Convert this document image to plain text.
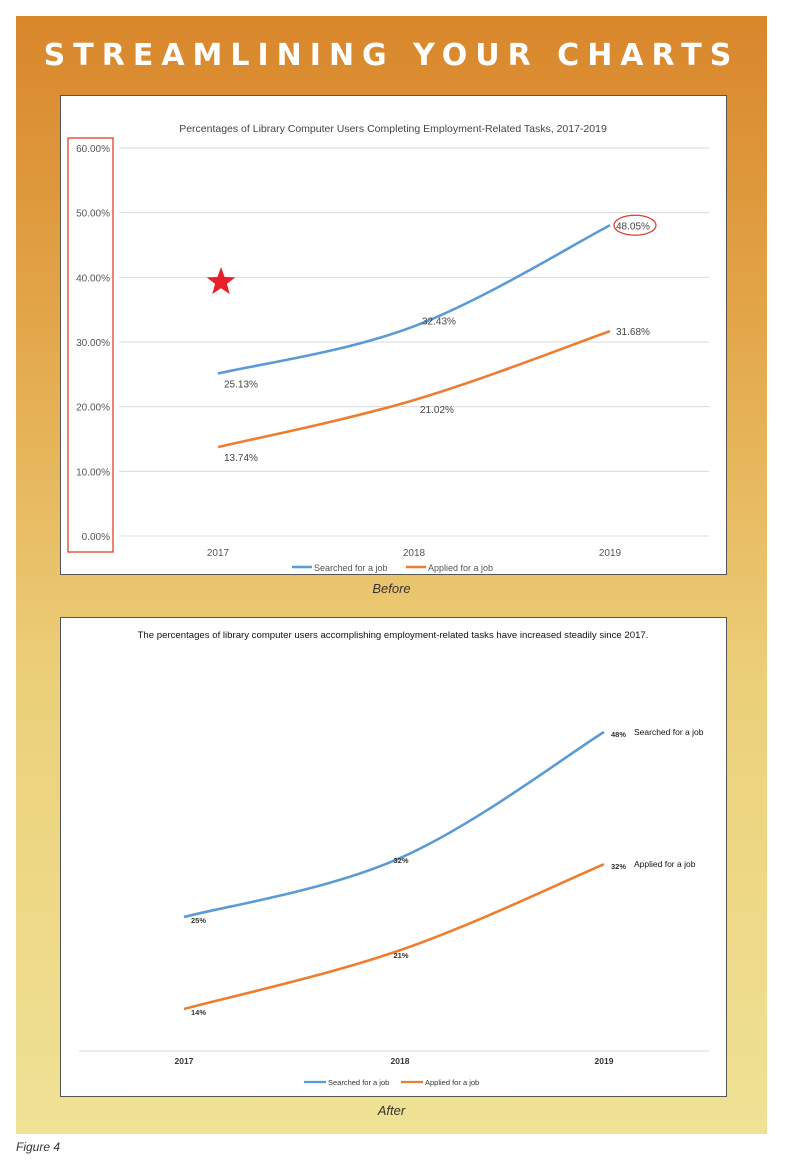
STREAMLINING YOUR CHARTS
Percentages of Library Computer Users Completing Employment-Related Tasks, 2017-2019
0.00%
10.00%
20.00%
30.00%
40.00%
50.00%
60.00%
2017	2018	2019
25.13%
32.43%
48.05%
13.74%
21.02%
31.68%
Searched for a job	Applied for a job
Before
The percentages of library computer users accomplishing employment-related tasks have increased steadily since 2017.
2017	2018	2019
25%
32%
48% Searched for a job
14%
21%
32% Applied for a job
Searched for a job	Applied for a job
After
Figure 4
